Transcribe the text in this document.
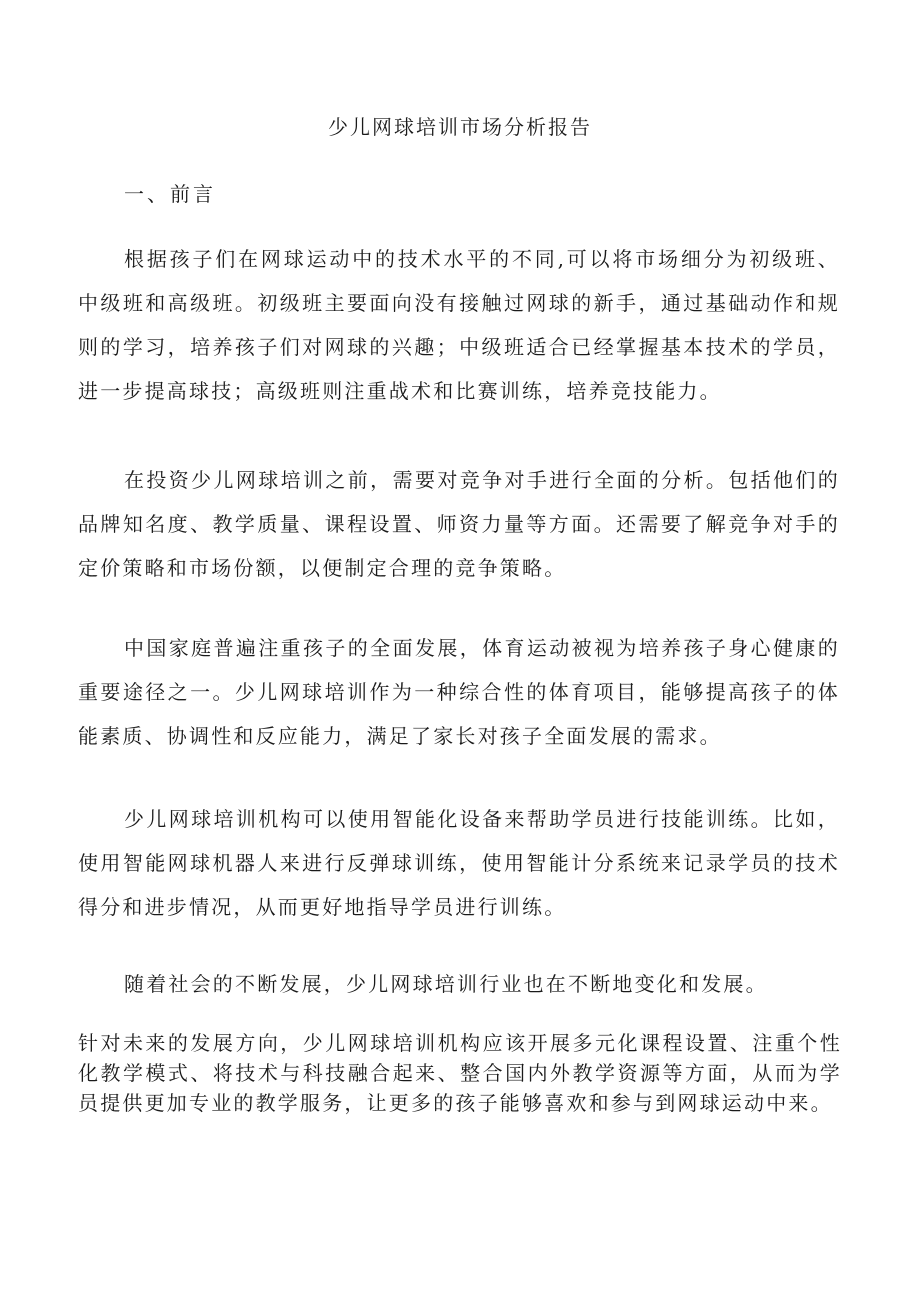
少儿网球培训市场分析报告
一、前言

根据孩子们在网球运动中的技术水平的不同,可以将市场细分为初级班、中级班和高级班。初级班主要面向没有接触过网球的新手，通过基础动作和规则的学习，培养孩子们对网球的兴趣；中级班适合已经掌握基本技术的学员，进一步提高球技；高级班则注重战术和比赛训练，培养竞技能力。

在投资少儿网球培训之前，需要对竞争对手进行全面的分析。包括他们的品牌知名度、教学质量、课程设置、师资力量等方面。还需要了解竞争对手的定价策略和市场份额，以便制定合理的竞争策略。

中国家庭普遍注重孩子的全面发展，体育运动被视为培养孩子身心健康的重要途径之一。少儿网球培训作为一种综合性的体育项目，能够提高孩子的体能素质、协调性和反应能力，满足了家长对孩子全面发展的需求。

少儿网球培训机构可以使用智能化设备来帮助学员进行技能训练。比如，使用智能网球机器人来进行反弹球训练，使用智能计分系统来记录学员的技术得分和进步情况，从而更好地指导学员进行训练。

随着社会的不断发展，少儿网球培训行业也在不断地变化和发展。

针对未来的发展方向，少儿网球培训机构应该开展多元化课程设置、注重个性化教学模式、将技术与科技融合起来、整合国内外教学资源等方面，从而为学员提供更加专业的教学服务，让更多的孩子能够喜欢和参与到网球运动中来。
